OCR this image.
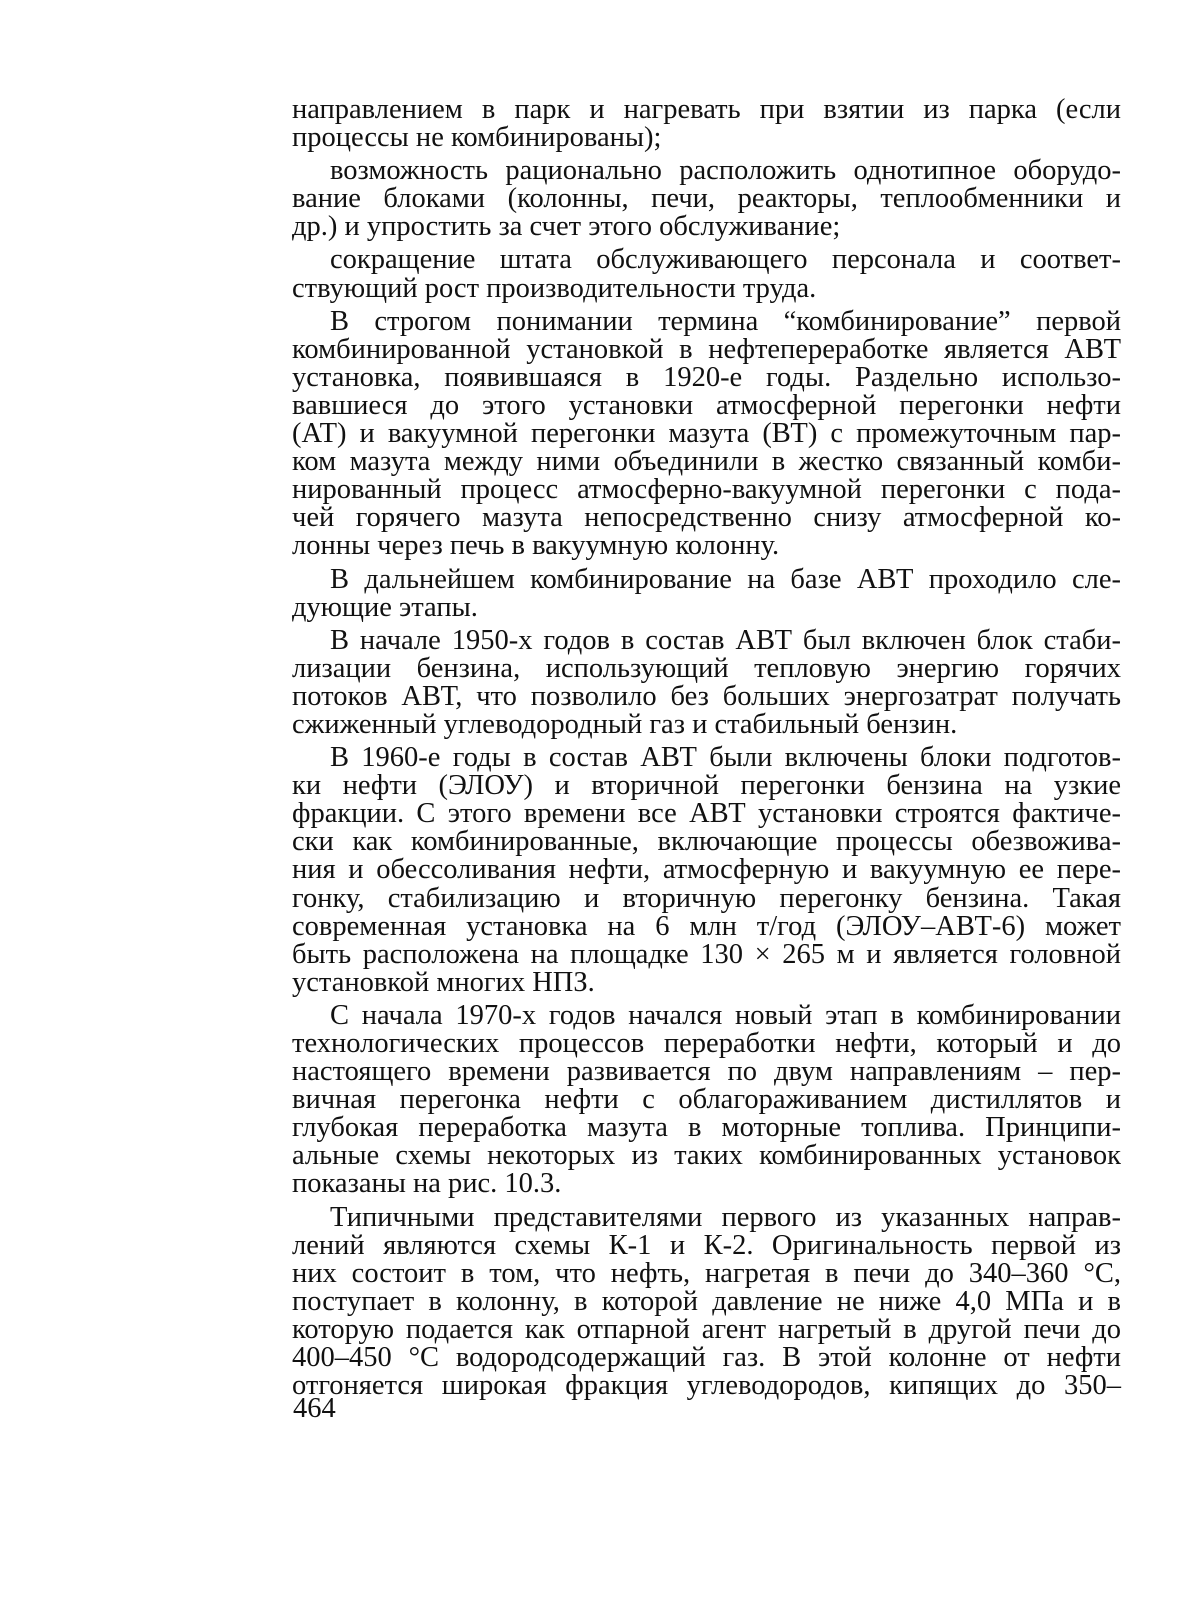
направлением в парк и нагревать при взятии из парка (если
процессы не комбинированы);
возможность рационально расположить однотипное оборудо-
вание блоками (колонны, печи, реакторы, теплообменники и
др.) и упростить за счет этого обслуживание;
сокращение штата обслуживающего персонала и соответ-
ствующий рост производительности труда.
В строгом понимании термина “комбинирование” первой
комбинированной установкой в нефтепереработке является АВТ
установка, появившаяся в 1920-е годы. Раздельно использо-
вавшиеся до этого установки атмосферной перегонки нефти
(АТ) и вакуумной перегонки мазута (ВТ) с промежуточным пар-
ком мазута между ними объединили в жестко связанный комби-
нированный процесс атмосферно-вакуумной перегонки с пода-
чей горячего мазута непосредственно снизу атмосферной ко-
лонны через печь в вакуумную колонну.
В дальнейшем комбинирование на базе АВТ проходило сле-
дующие этапы.
В начале 1950-х годов в состав АВТ был включен блок стаби-
лизации бензина, использующий тепловую энергию горячих
потоков АВТ, что позволило без больших энергозатрат получать
сжиженный углеводородный газ и стабильный бензин.
В 1960-е годы в состав АВТ были включены блоки подготов-
ки нефти (ЭЛОУ) и вторичной перегонки бензина на узкие
фракции. С этого времени все АВТ установки строятся фактиче-
ски как комбинированные, включающие процессы обезвожива-
ния и обессоливания нефти, атмосферную и вакуумную ее пере-
гонку, стабилизацию и вторичную перегонку бензина. Такая
современная установка на 6 млн т/год (ЭЛОУ–АВТ-6) может
быть расположена на площадке 130 × 265 м и является головной
установкой многих НПЗ.
С начала 1970-х годов начался новый этап в комбинировании
технологических процессов переработки нефти, который и до
настоящего времени развивается по двум направлениям – пер-
вичная перегонка нефти с облагораживанием дистиллятов и
глубокая переработка мазута в моторные топлива. Принципи-
альные схемы некоторых из таких комбинированных установок
показаны на рис. 10.3.
Типичными представителями первого из указанных направ-
лений являются схемы К-1 и К-2. Оригинальность первой из
них состоит в том, что нефть, нагретая в печи до 340–360 °С,
поступает в колонну, в которой давление не ниже 4,0 МПа и в
которую подается как отпарной агент нагретый в другой печи до
400–450 °С водородсодержащий газ. В этой колонне от нефти
отгоняется широкая фракция углеводородов, кипящих до 350–
464
